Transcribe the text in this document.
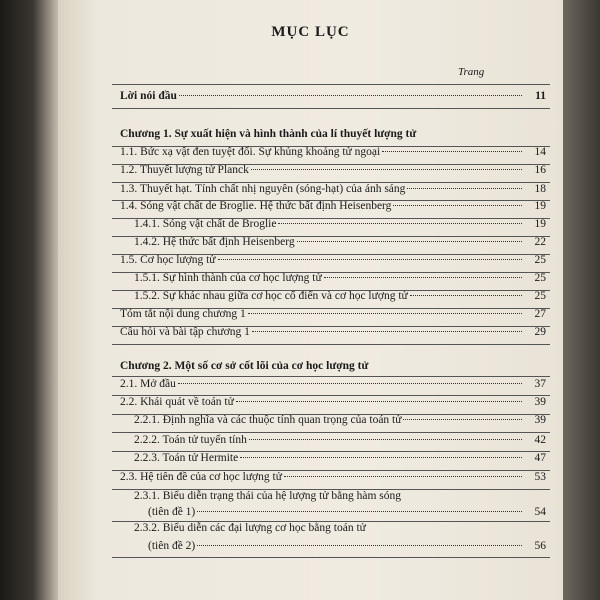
MỤC LỤC
Trang
Lời nói đầu	11
Chương 1. Sự xuất hiện và hình thành của lí thuyết lượng tử
1.1. Bức xạ vật đen tuyệt đối. Sự khủng khoảng tử ngoại	14
1.2. Thuyết lượng tử Planck	16
1.3. Thuyết hạt. Tính chất nhị nguyên (sóng-hạt) của ánh sáng	18
1.4. Sóng vật chất de Broglie. Hệ thức bất định Heisenberg	19
1.4.1. Sóng vật chất de Broglie	19
1.4.2. Hệ thức bất định Heisenberg	22
1.5. Cơ học lượng tử	25
1.5.1. Sự hình thành của cơ học lượng tử	25
1.5.2. Sự khác nhau giữa cơ học cổ điển và cơ học lượng tử	25
Tóm tắt nội dung chương 1	27
Câu hỏi và bài tập chương 1	29
Chương 2. Một số cơ sở cốt lõi của cơ học lượng tử
2.1. Mở đầu	37
2.2. Khái quát về toán tử	39
2.2.1. Định nghĩa và các thuộc tính quan trọng của toán tử	39
2.2.2. Toán tử tuyến tính	42
2.2.3. Toán tử Hermite	47
2.3. Hệ tiên đề của cơ học lượng tử	53
2.3.1. Biểu diễn trạng thái của hệ lượng tử bằng hàm sóng
(tiên đề 1)	54
2.3.2. Biểu diễn các đại lượng cơ học bằng toán tử
(tiên đề 2)	56
